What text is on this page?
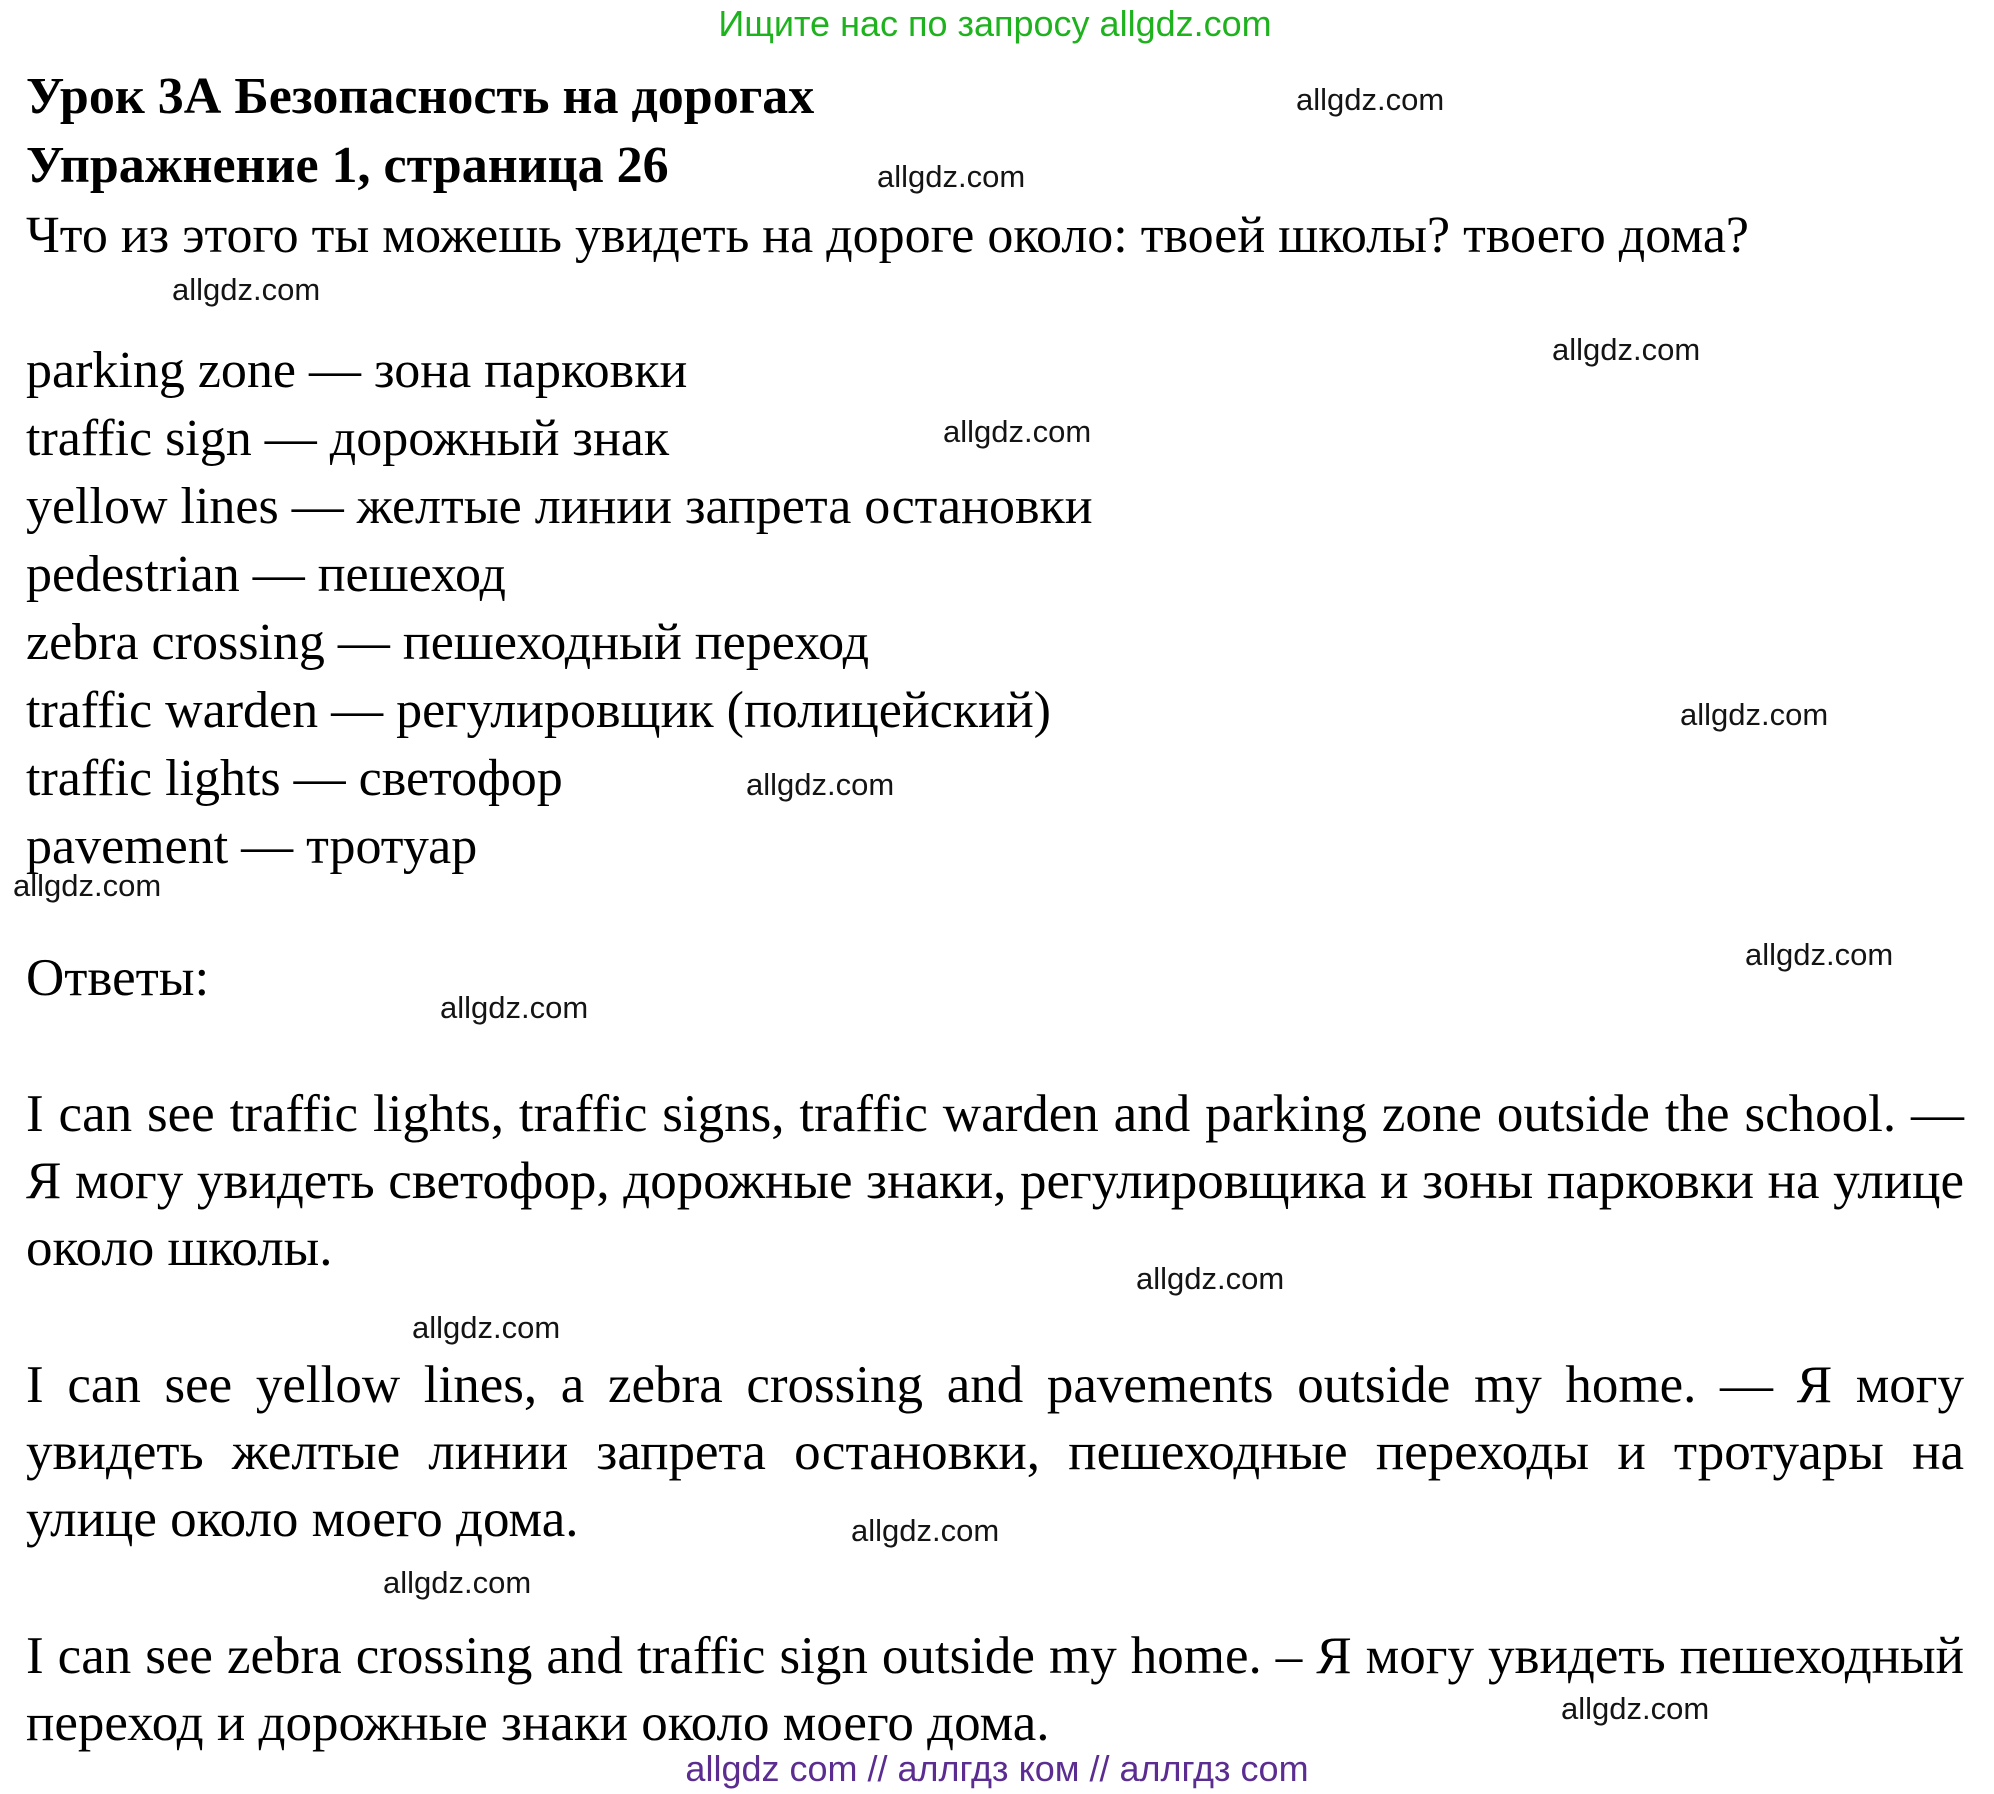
Ищите нас по запросу allgdz.com
Урок 3А Безопасность на дорогах
Упражнение 1, страница 26

Что из этого ты можешь увидеть на дороге около: твоей школы? твоего дома?

parking zone — зона парковки
traffic sign — дорожный знак
yellow lines — желтые линии запрета остановки
pedestrian — пешеход
zebra crossing — пешеходный переход
traffic warden — регулировщик (полицейский)
traffic lights — светофор
pavement — тротуар

Ответы:

I can see traffic lights, traffic signs, traffic warden and parking zone outside the school. — Я могу увидеть светофор, дорожные знаки, регулировщика и зоны парковки на улице около школы.

I can see yellow lines, a zebra crossing and pavements outside my home. — Я могу увидеть желтые линии запрета остановки, пешеходные переходы и тротуары на улице около моего дома.

I can see zebra crossing and traffic sign outside my home. – Я могу увидеть пешеходный переход и дорожные знаки около моего дома.

allgdz.com
allgdz.com
allgdz.com
allgdz.com
allgdz.com
allgdz.com
allgdz.com
allgdz.com
allgdz.com
allgdz.com
allgdz.com
allgdz.com
allgdz.com
allgdz.com
allgdz.com
allgdz com // аллгдз ком // аллгдз com
